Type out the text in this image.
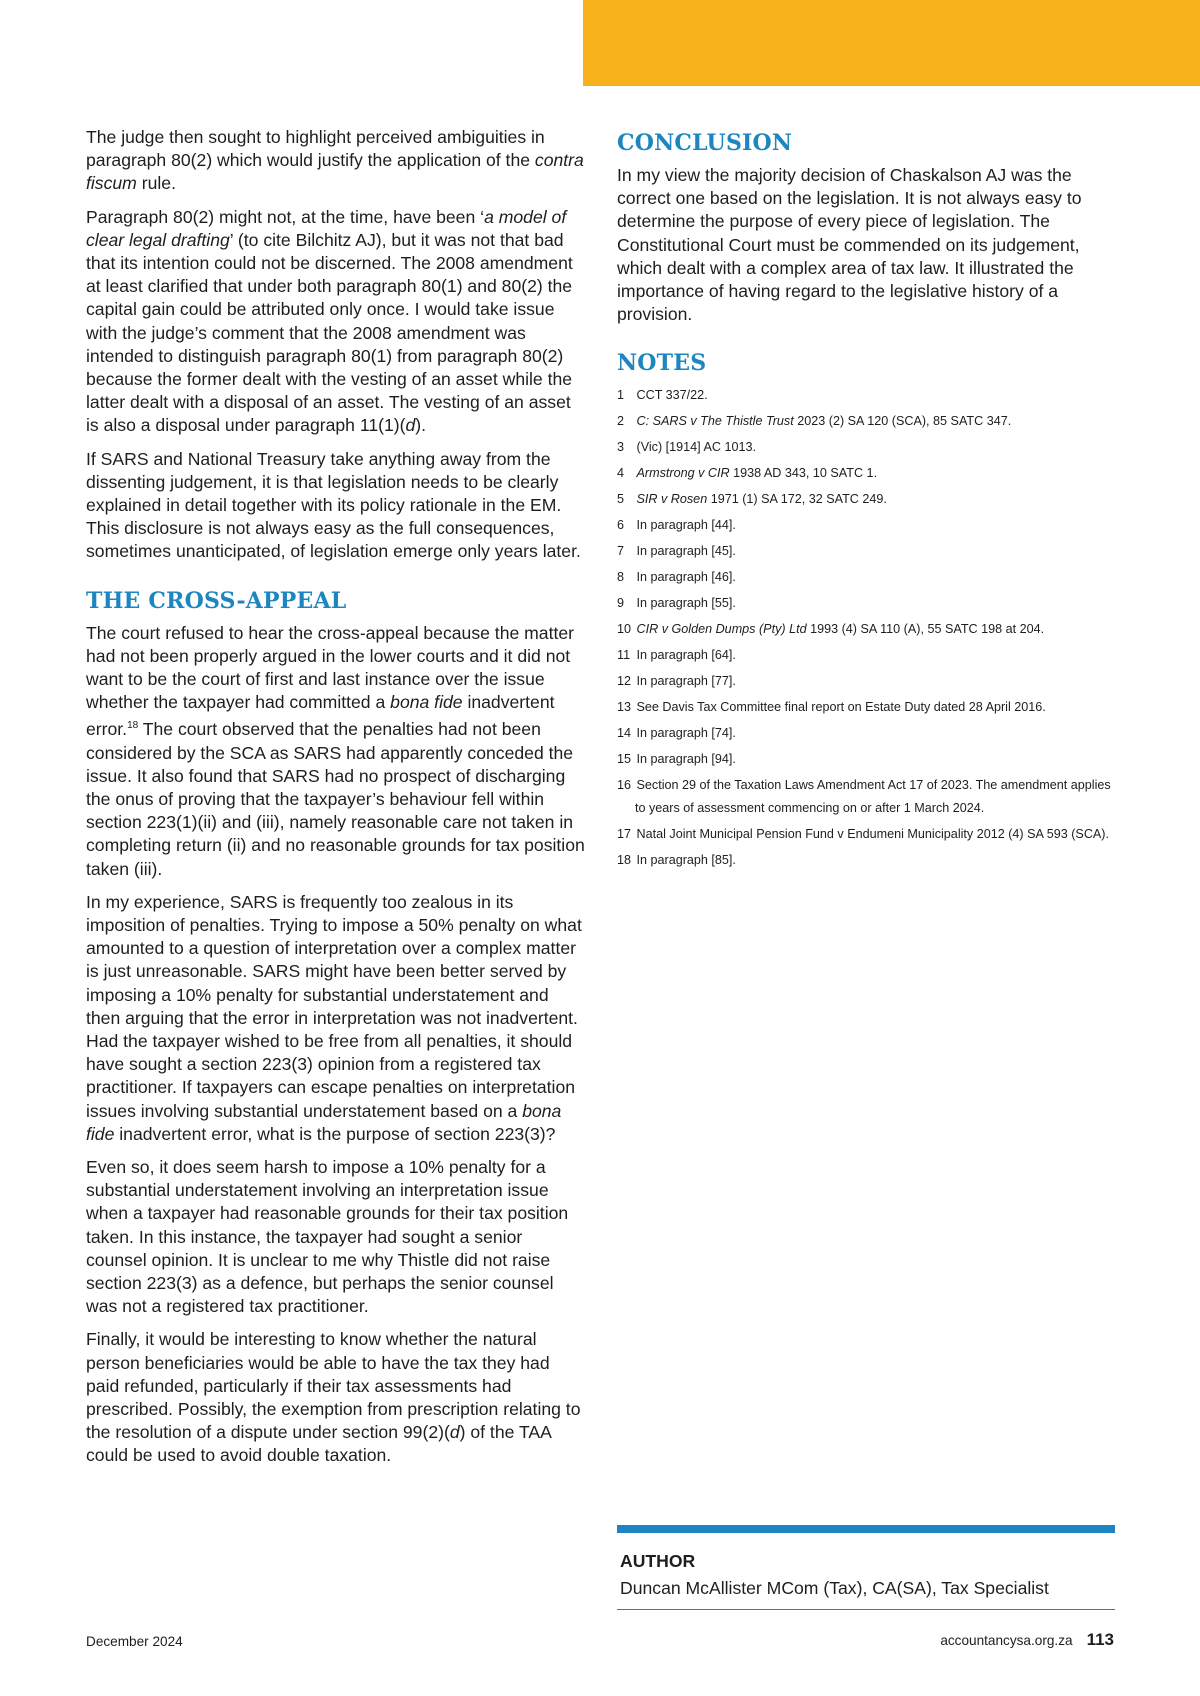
The judge then sought to highlight perceived ambiguities in paragraph 80(2) which would justify the application of the contra fiscum rule.

Paragraph 80(2) might not, at the time, have been ‘a model of clear legal drafting’ (to cite Bilchitz AJ), but it was not that bad that its intention could not be discerned. The 2008 amendment at least clarified that under both paragraph 80(1) and 80(2) the capital gain could be attributed only once. I would take issue with the judge’s comment that the 2008 amendment was intended to distinguish paragraph 80(1) from paragraph 80(2) because the former dealt with the vesting of an asset while the latter dealt with a disposal of an asset. The vesting of an asset is also a disposal under paragraph 11(1)(d).

If SARS and National Treasury take anything away from the dissenting judgement, it is that legislation needs to be clearly explained in detail together with its policy rationale in the EM. This disclosure is not always easy as the full consequences, sometimes unanticipated, of legislation emerge only years later.

THE CROSS-APPEAL

The court refused to hear the cross-appeal because the matter had not been properly argued in the lower courts and it did not want to be the court of first and last instance over the issue whether the taxpayer had committed a bona fide inadvertent error.$^{18}$ The court observed that the penalties had not been considered by the SCA as SARS had apparently conceded the issue. It also found that SARS had no prospect of discharging the onus of proving that the taxpayer’s behaviour fell within section 223(1)(ii) and (iii), namely reasonable care not taken in completing return (ii) and no reasonable grounds for tax position taken (iii).

In my experience, SARS is frequently too zealous in its imposition of penalties. Trying to impose a 50% penalty on what amounted to a question of interpretation over a complex matter is just unreasonable. SARS might have been better served by imposing a 10% penalty for substantial understatement and then arguing that the error in interpretation was not inadvertent. Had the taxpayer wished to be free from all penalties, it should have sought a section 223(3) opinion from a registered tax practitioner. If taxpayers can escape penalties on interpretation issues involving substantial understatement based on a bona fide inadvertent error, what is the purpose of section 223(3)?

Even so, it does seem harsh to impose a 10% penalty for a substantial understatement involving an interpretation issue when a taxpayer had reasonable grounds for their tax position taken. In this instance, the taxpayer had sought a senior counsel opinion. It is unclear to me why Thistle did not raise section 223(3) as a defence, but perhaps the senior counsel was not a registered tax practitioner.

Finally, it would be interesting to know whether the natural person beneficiaries would be able to have the tax they had paid refunded, particularly if their tax assessments had prescribed. Possibly, the exemption from prescription relating to the resolution of a dispute under section 99(2)(d) of the TAA could be used to avoid double taxation.

CONCLUSION

In my view the majority decision of Chaskalson AJ was the correct one based on the legislation. It is not always easy to determine the purpose of every piece of legislation. The Constitutional Court must be commended on its judgement, which dealt with a complex area of tax law. It illustrated the importance of having regard to the legislative history of a provision.

NOTES
1 CCT 337/22.
2 C: SARS v The Thistle Trust 2023 (2) SA 120 (SCA), 85 SATC 347.
3 (Vic) [1914] AC 1013.
4 Armstrong v CIR 1938 AD 343, 10 SATC 1.
5 SIR v Rosen 1971 (1) SA 172, 32 SATC 249.
6 In paragraph [44].
7 In paragraph [45].
8 In paragraph [46].
9 In paragraph [55].
10 CIR v Golden Dumps (Pty) Ltd 1993 (4) SA 110 (A), 55 SATC 198 at 204.
11 In paragraph [64].
12 In paragraph [77].
13 See Davis Tax Committee final report on Estate Duty dated 28 April 2016.
14 In paragraph [74].
15 In paragraph [94].
16 Section 29 of the Taxation Laws Amendment Act 17 of 2023. The amendment applies to years of assessment commencing on or after 1 March 2024.
17 Natal Joint Municipal Pension Fund v Endumeni Municipality 2012 (4) SA 593 (SCA).
18 In paragraph [85].
AUTHOR
Duncan McAllister MCom (Tax), CA(SA), Tax Specialist
December 2024	accountancysa.org.za 113
